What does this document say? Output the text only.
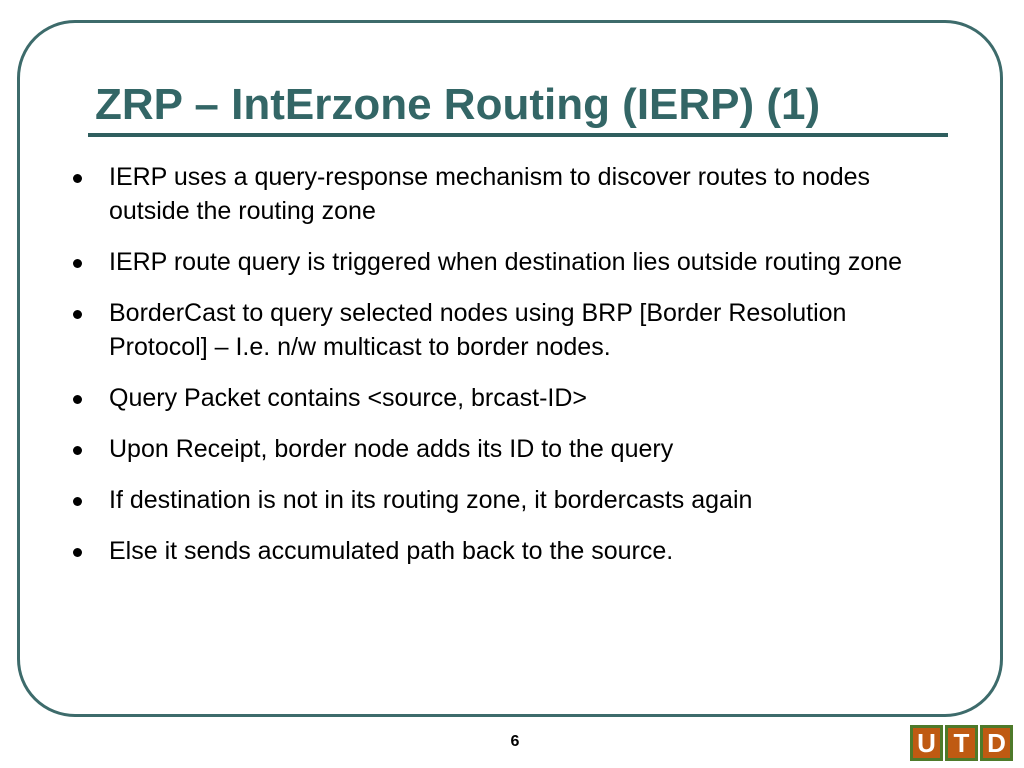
ZRP – IntErzone Routing (IERP) (1)
IERP uses a query-response mechanism to discover routes to nodes outside the routing zone
IERP route query is triggered when destination lies outside routing zone
BorderCast to query selected nodes using BRP [Border Resolution Protocol] – I.e. n/w multicast to border nodes.
Query Packet contains <source, brcast-ID>
Upon Receipt, border node adds its ID to the query
If destination is not in its routing zone, it bordercasts again
Else it sends accumulated path back to the source.
6	U T D
